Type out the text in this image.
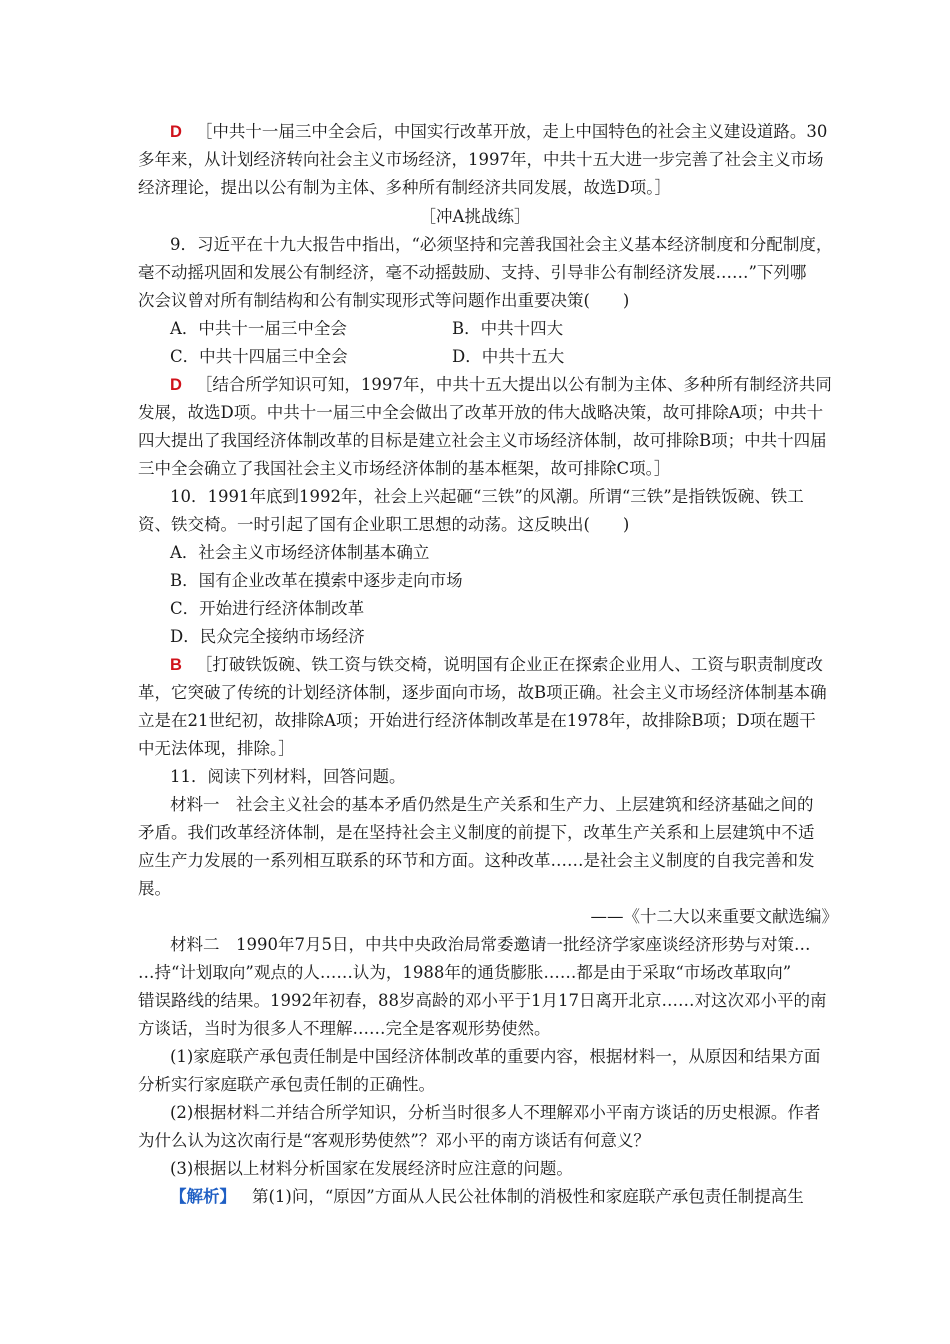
D ［中共十一届三中全会后，中国实行改革开放，走上中国特色的社会主义建设道路。30
多年来，从计划经济转向社会主义市场经济，1997年，中共十五大进一步完善了社会主义市场
经济理论，提出以公有制为主体、多种所有制经济共同发展，故选D项。］
［冲A挑战练］
9．习近平在十九大报告中指出，“必须坚持和完善我国社会主义基本经济制度和分配制度，
毫不动摇巩固和发展公有制经济，毫不动摇鼓励、支持、引导非公有制经济发展……”下列哪
次会议曾对所有制结构和公有制实现形式等问题作出重要决策(　　)
A．中共十一届三中全会	B．中共十四大
C．中共十四届三中全会	D．中共十五大
D ［结合所学知识可知，1997年，中共十五大提出以公有制为主体、多种所有制经济共同
发展，故选D项。中共十一届三中全会做出了改革开放的伟大战略决策，故可排除A项；中共十
四大提出了我国经济体制改革的目标是建立社会主义市场经济体制，故可排除B项；中共十四届
三中全会确立了我国社会主义市场经济体制的基本框架，故可排除C项。］
10．1991年底到1992年，社会上兴起砸“三铁”的风潮。所谓“三铁”是指铁饭碗、铁工
资、铁交椅。一时引起了国有企业职工思想的动荡。这反映出(　　)
A．社会主义市场经济体制基本确立
B．国有企业改革在摸索中逐步走向市场
C．开始进行经济体制改革
D．民众完全接纳市场经济
B ［打破铁饭碗、铁工资与铁交椅，说明国有企业正在探索企业用人、工资与职责制度改
革，它突破了传统的计划经济体制，逐步面向市场，故B项正确。社会主义市场经济体制基本确
立是在21世纪初，故排除A项；开始进行经济体制改革是在1978年，故排除B项；D项在题干
中无法体现，排除。］
11．阅读下列材料，回答问题。
材料一　社会主义社会的基本矛盾仍然是生产关系和生产力、上层建筑和经济基础之间的
矛盾。我们改革经济体制，是在坚持社会主义制度的前提下，改革生产关系和上层建筑中不适
应生产力发展的一系列相互联系的环节和方面。这种改革……是社会主义制度的自我完善和发
展。
——《十二大以来重要文献选编》
材料二　1990年7月5日，中共中央政治局常委邀请一批经济学家座谈经济形势与对策…
…持“计划取向”观点的人……认为，1988年的通货膨胀……都是由于采取“市场改革取向”
错误路线的结果。1992年初春，88岁高龄的邓小平于1月17日离开北京……对这次邓小平的南
方谈话，当时为很多人不理解……完全是客观形势使然。
(1)家庭联产承包责任制是中国经济体制改革的重要内容，根据材料一，从原因和结果方面
分析实行家庭联产承包责任制的正确性。
(2)根据材料二并结合所学知识，分析当时很多人不理解邓小平南方谈话的历史根源。作者
为什么认为这次南行是“客观形势使然”？邓小平的南方谈话有何意义？
(3)根据以上材料分析国家在发展经济时应注意的问题。
【解析】 第(1)问，“原因”方面从人民公社体制的消极性和家庭联产承包责任制提高生
